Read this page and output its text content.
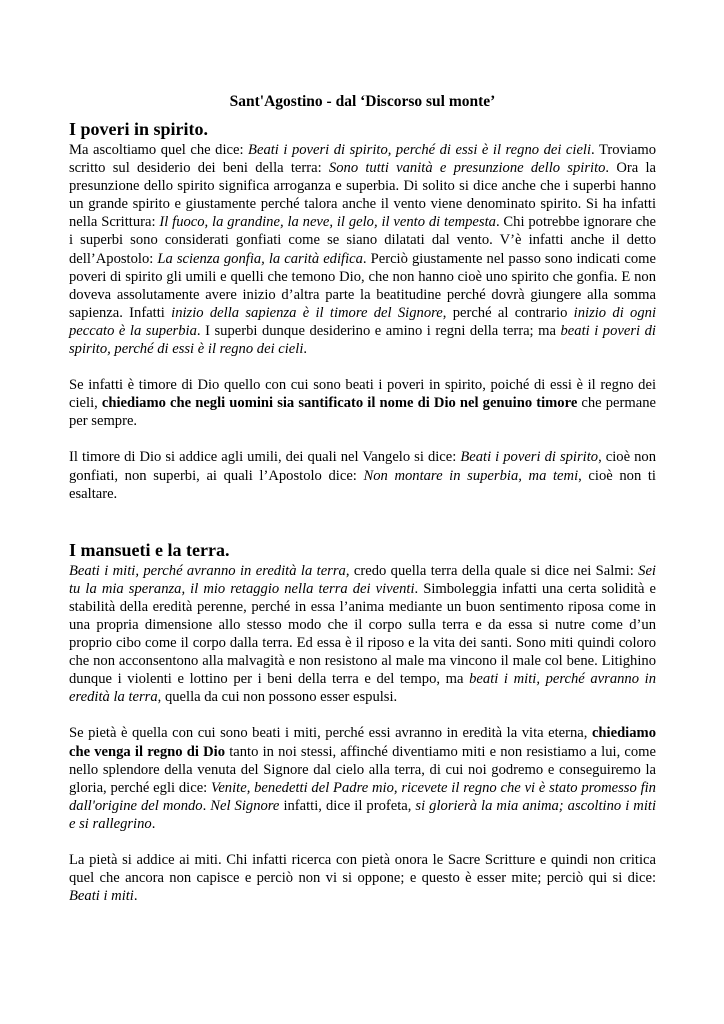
Sant'Agostino - dal ‘Discorso sul monte’
I poveri in spirito.

Ma ascoltiamo quel che dice: Beati i poveri di spirito, perché di essi è il regno dei cieli. Troviamo scritto sul desiderio dei beni della terra: Sono tutti vanità e presunzione dello spirito. Ora la presunzione dello spirito significa arroganza e superbia. Di solito si dice anche che i superbi hanno un grande spirito e giustamente perché talora anche il vento viene denominato spirito. Si ha infatti nella Scrittura: Il fuoco, la grandine, la neve, il gelo, il vento di tempesta. Chi potrebbe ignorare che i superbi sono considerati gonfiati come se siano dilatati dal vento. V’è infatti anche il detto dell’Apostolo: La scienza gonfia, la carità edifica. Perciò giustamente nel passo sono indicati come poveri di spirito gli umili e quelli che temono Dio, che non hanno cioè uno spirito che gonfia. E non doveva assolutamente avere inizio d’altra parte la beatitudine perché dovrà giungere alla somma sapienza. Infatti inizio della sapienza è il timore del Signore, perché al contrario inizio di ogni peccato è la superbia. I superbi dunque desiderino e amino i regni della terra; ma beati i poveri di spirito, perché di essi è il regno dei cieli.

Se infatti è timore di Dio quello con cui sono beati i poveri in spirito, poiché di essi è il regno dei cieli, chiediamo che negli uomini sia santificato il nome di Dio nel genuino timore che permane per sempre.

Il timore di Dio si addice agli umili, dei quali nel Vangelo si dice: Beati i poveri di spirito, cioè non gonfiati, non superbi, ai quali l’Apostolo dice: Non montare in superbia, ma temi, cioè non ti esaltare.

I mansueti e la terra.

Beati i miti, perché avranno in eredità la terra, credo quella terra della quale si dice nei Salmi: Sei tu la mia speranza, il mio retaggio nella terra dei viventi. Simboleggia infatti una certa solidità e stabilità della eredità perenne, perché in essa l’anima mediante un buon sentimento riposa come in una propria dimensione allo stesso modo che il corpo sulla terra e da essa si nutre come d’un proprio cibo come il corpo dalla terra. Ed essa è il riposo e la vita dei santi. Sono miti quindi coloro che non acconsentono alla malvagità e non resistono al male ma vincono il male col bene. Litighino dunque i violenti e lottino per i beni della terra e del tempo, ma beati i miti, perché avranno in eredità la terra, quella da cui non possono esser espulsi.

Se pietà è quella con cui sono beati i miti, perché essi avranno in eredità la vita eterna, chiediamo che venga il regno di Dio tanto in noi stessi, affinché diventiamo miti e non resistiamo a lui, come nello splendore della venuta del Signore dal cielo alla terra, di cui noi godremo e conseguiremo la gloria, perché egli dice: Venite, benedetti del Padre mio, ricevete il regno che vi è stato promesso fin dall'origine del mondo. Nel Signore infatti, dice il profeta, si glorierà la mia anima; ascoltino i miti e si rallegrino.

La pietà si addice ai miti. Chi infatti ricerca con pietà onora le Sacre Scritture e quindi non critica quel che ancora non capisce e perciò non vi si oppone; e questo è esser mite; perciò qui si dice: Beati i miti.
